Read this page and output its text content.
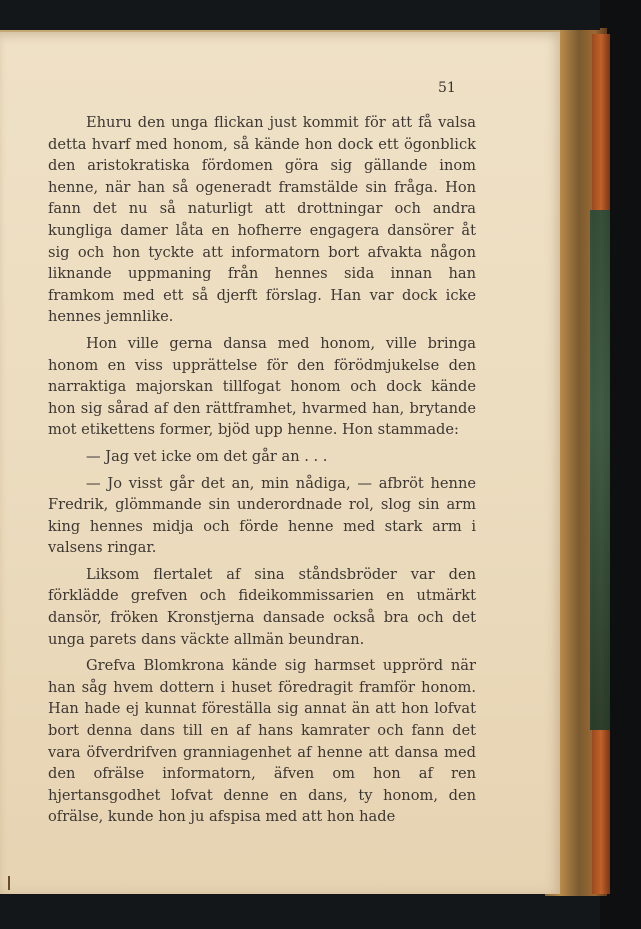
51

Ehuru den unga flickan just kommit för att få valsa detta hvarf med honom, så kände hon dock ett ögonblick den aristokratiska fördomen göra sig gällande inom henne, när han så ogeneradt framstälde sin fråga. Hon fann det nu så naturligt att drottningar och andra kungliga damer låta en hofherre engagera dansörer åt sig och hon tyckte att informatorn bort afvakta någon liknande uppmaning från hennes sida innan han framkom med ett så djerft förslag. Han var dock icke hennes jemnlike.

Hon ville gerna dansa med honom, ville bringa honom en viss upprättelse för den förödmjukelse den narraktiga majorskan tillfogat honom och dock kände hon sig sårad af den rättframhet, hvarmed han, brytande mot etikettens former, bjöd upp henne. Hon stammade:

— Jag vet icke om det går an . . .

— Jo visst går det an, min nådiga, — afbröt henne Fredrik, glömmande sin underordnade rol, slog sin arm king hennes midja och förde henne med stark arm i valsens ringar.

Liksom flertalet af sina ståndsbröder var den förklädde grefven och fideikommissarien en utmärkt dansör, fröken Kronstjerna dansade också bra och det unga parets dans väckte allmän beundran.

Grefva Blomkrona kände sig harmset upprörd när han såg hvem dottern i huset föredragit framför honom. Han hade ej kunnat föreställa sig annat än att hon lofvat bort denna dans till en af hans kamrater och fann det vara öfverdrifven granniagenhet af henne att dansa med den ofrälse informatorn, äfven om hon af ren hjertansgodhet lofvat denne en dans, ty honom, den ofrälse, kunde hon ju afspisa med att hon hade
